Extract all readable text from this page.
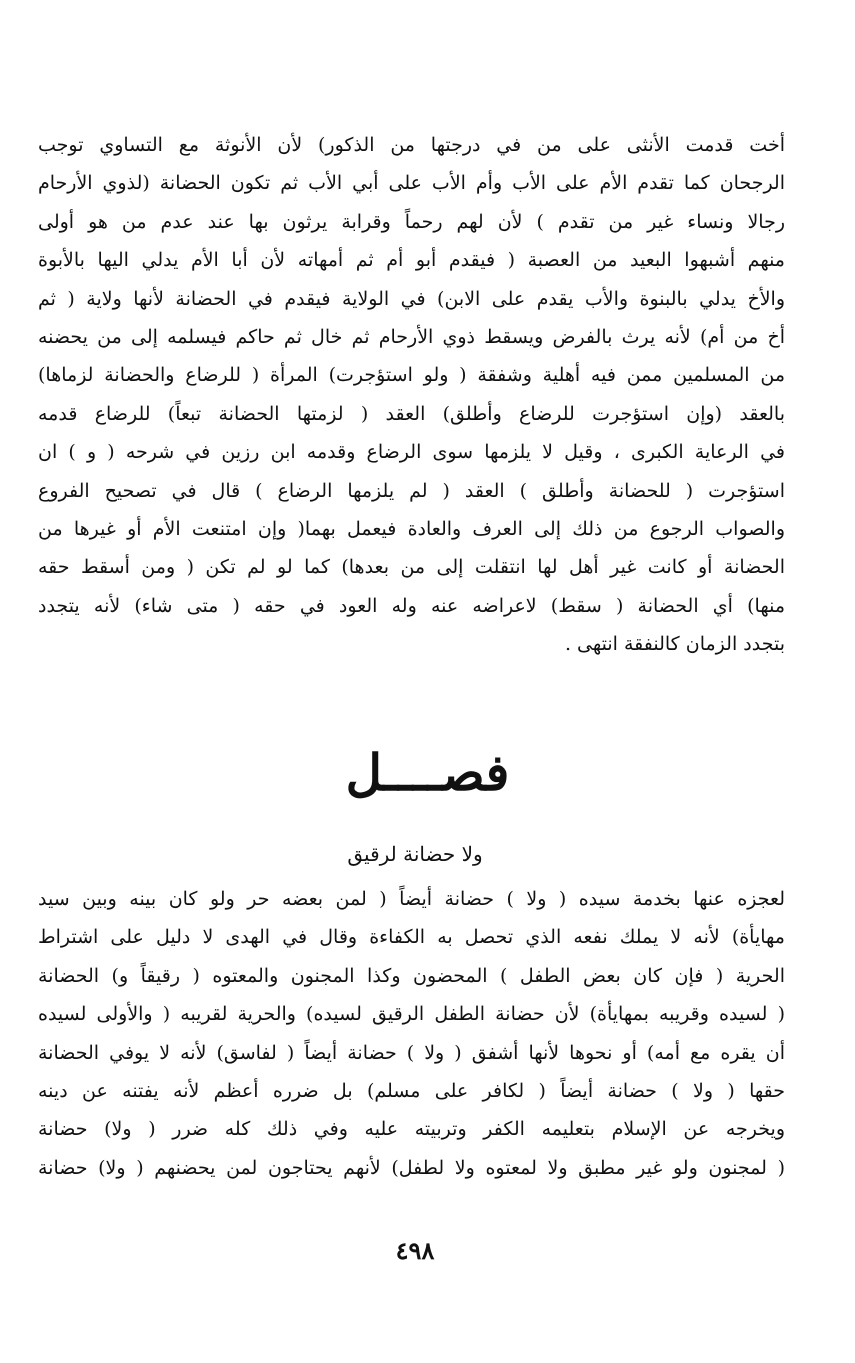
أخت قدمت الأنثى على من في درجتها من الذكور) لأن الأنوثة مع التساوي توجب
الرجحان كما تقدم الأم على الأب وأم الأب على أبي الأب ثم تكون الحضانة (لذوي الأرحام
رجالا ونساء غير من تقدم ) لأن لهم رحماً وقرابة يرثون بها عند عدم من هو أولى
منهم أشبهوا البعيد من العصبة ( فيقدم أبو أم ثم أمهاته لأن أبا الأم يدلي اليها بالأبوة
والأخ يدلي بالبنوة والأب يقدم على الابن) في الولاية فيقدم في الحضانة لأنها ولاية ( ثم
أخ من أم) لأنه يرث بالفرض ويسقط ذوي الأرحام ثم خال ثم حاكم فيسلمه إلى من يحضنه
من المسلمين ممن فيه أهلية وشفقة ( ولو استؤجرت) المرأة ( للرضاع والحضانة لزماها)
بالعقد (وإن استؤجرت للرضاع وأطلق) العقد ( لزمتها الحضانة تبعاً) للرضاع قدمه
في الرعاية الكبرى ، وقيل لا يلزمها سوى الرضاع وقدمه ابن رزين في شرحه ( و ) ان
استؤجرت ( للحضانة وأطلق ) العقد ( لم يلزمها الرضاع ) قال في تصحيح الفروع
والصواب الرجوع من ذلك إلى العرف والعادة فيعمل بهما( وإن امتنعت الأم أو غيرها من
الحضانة أو كانت غير أهل لها انتقلت إلى من بعدها) كما لو لم تكن ( ومن أسقط حقه
منها) أي الحضانة ( سقط) لاعراضه عنه وله العود في حقه ( متى شاء) لأنه يتجدد
بتجدد الزمان كالنفقة انتهى .
فصــــل
ولا حضانة لرقيق
لعجزه عنها بخدمة سيده ( ولا ) حضانة أيضاً ( لمن بعضه حر ولو كان بينه وبين سيد
مهايأة) لأنه لا يملك نفعه الذي تحصل به الكفاءة وقال في الهدى لا دليل على اشتراط
الحرية ( فإن كان بعض الطفل ) المحضون وكذا المجنون والمعتوه ( رقيقاً و) الحضانة
( لسيده وقريبه بمهايأة) لأن حضانة الطفل الرقيق لسيده) والحرية لقريبه ( والأولى لسيده
أن يقره مع أمه) أو نحوها لأنها أشفق ( ولا ) حضانة أيضاً ( لفاسق) لأنه لا يوفي الحضانة
حقها ( ولا ) حضانة أيضاً ( لكافر على مسلم) بل ضرره أعظم لأنه يفتنه عن دينه
ويخرجه عن الإسلام بتعليمه الكفر وتربيته عليه وفي ذلك كله ضرر ( ولا) حضانة
( لمجنون ولو غير مطبق ولا لمعتوه ولا لطفل) لأنهم يحتاجون لمن يحضنهم ( ولا) حضانة
٤٩٨
